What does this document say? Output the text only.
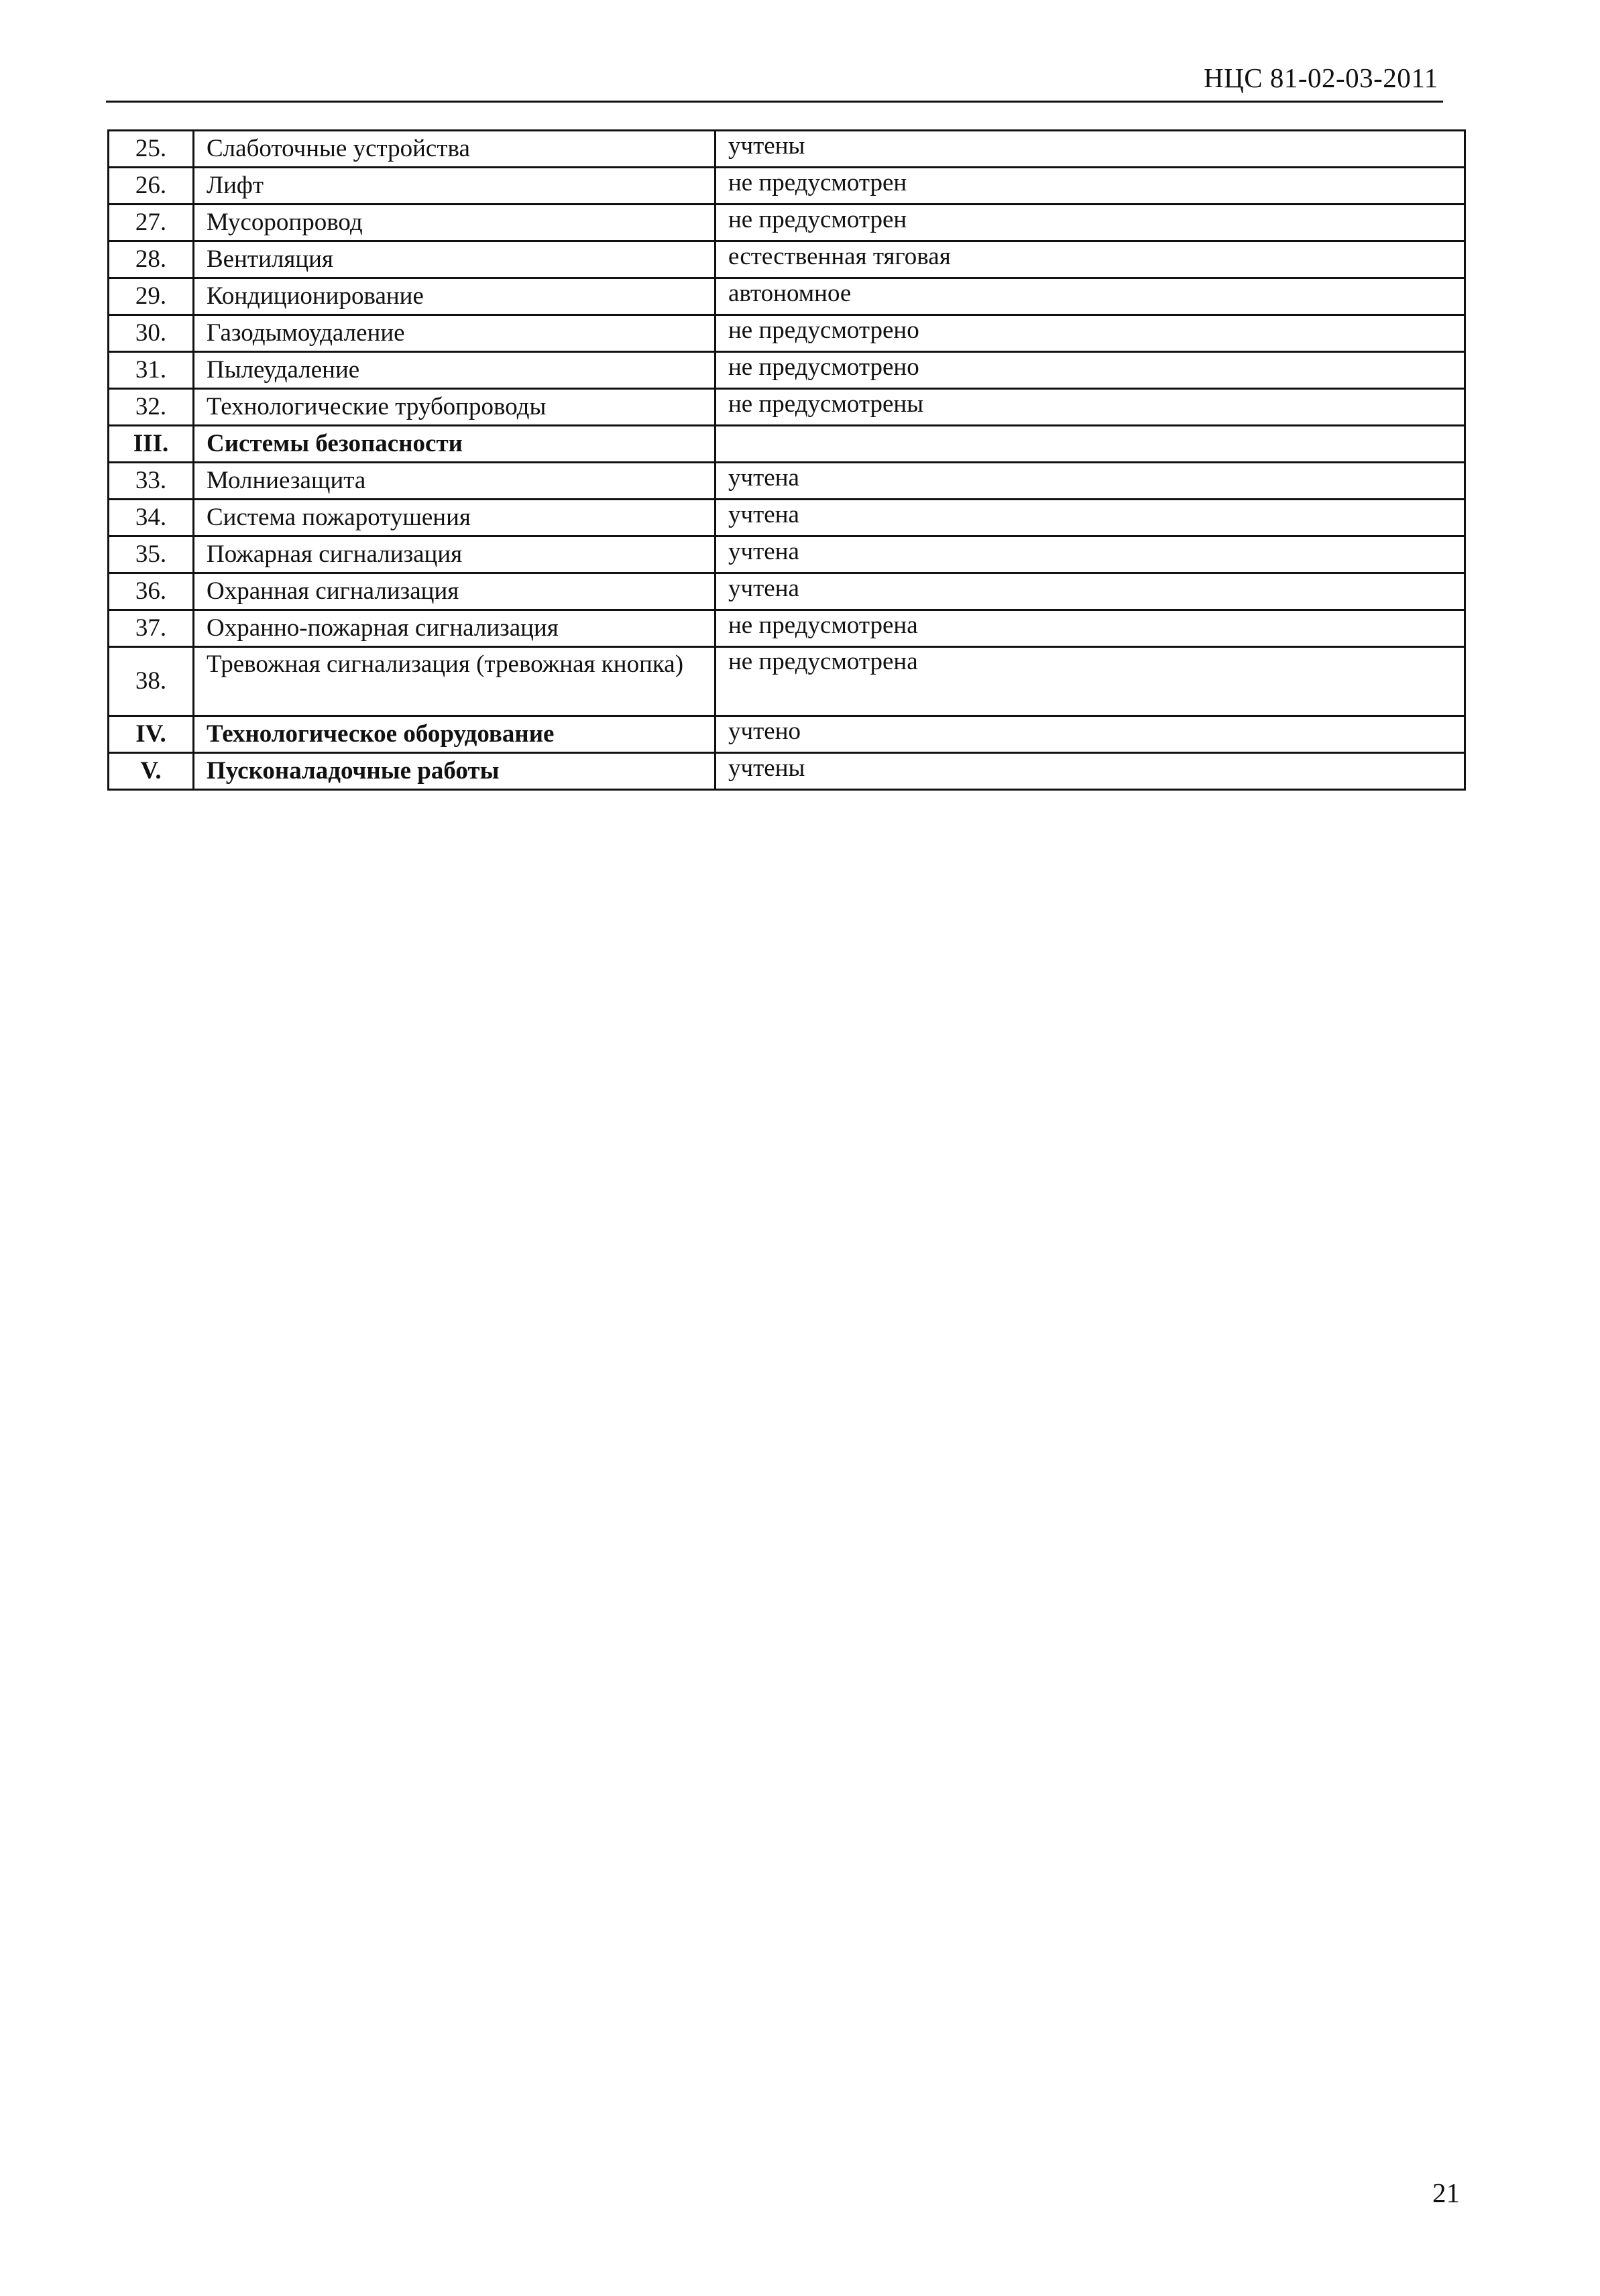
НЦС 81-02-03-2011
25.	Слаботочные устройства	учтены
26.	Лифт	не предусмотрен
27.	Мусоропровод	не предусмотрен
28.	Вентиляция	естественная тяговая
29.	Кондиционирование	автономное
30.	Газодымоудаление	не предусмотрено
31.	Пылеудаление	не предусмотрено
32.	Технологические трубопроводы	не предусмотрены
III.	Системы безопасности	
33.	Молниезащита	учтена
34.	Система пожаротушения	учтена
35.	Пожарная сигнализация	учтена
36.	Охранная сигнализация	учтена
37.	Охранно-пожарная сигнализация	не предусмотрена
38.	Тревожная сигнализация (тревожная кнопка)	не предусмотрена
IV.	Технологическое оборудование	учтено
V.	Пусконаладочные работы	учтены
21
